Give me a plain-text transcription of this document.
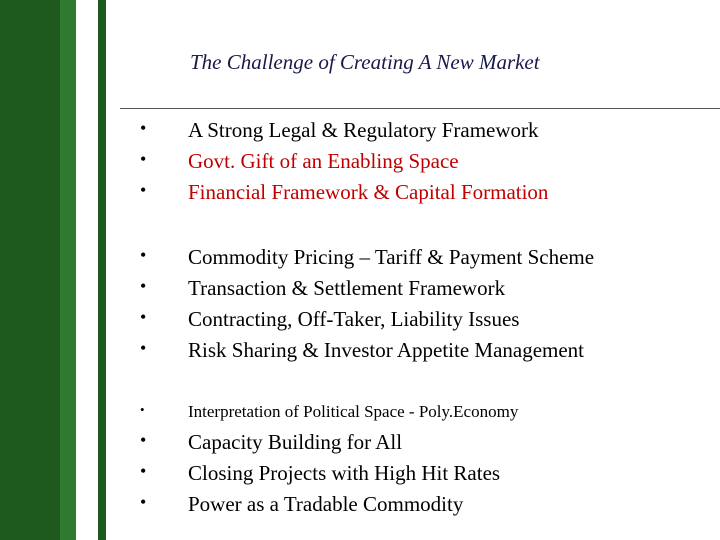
The Challenge of Creating A New Market
• A Strong Legal & Regulatory Framework
• Govt. Gift of an Enabling Space
• Financial Framework & Capital Formation
• Commodity Pricing – Tariff & Payment Scheme
• Transaction & Settlement Framework
• Contracting, Off-Taker, Liability Issues
• Risk Sharing & Investor Appetite Management
•	Interpretation of Political Space - Poly.Economy
• Capacity Building for All
• Closing Projects with High Hit Rates
• Power as a Tradable Commodity
